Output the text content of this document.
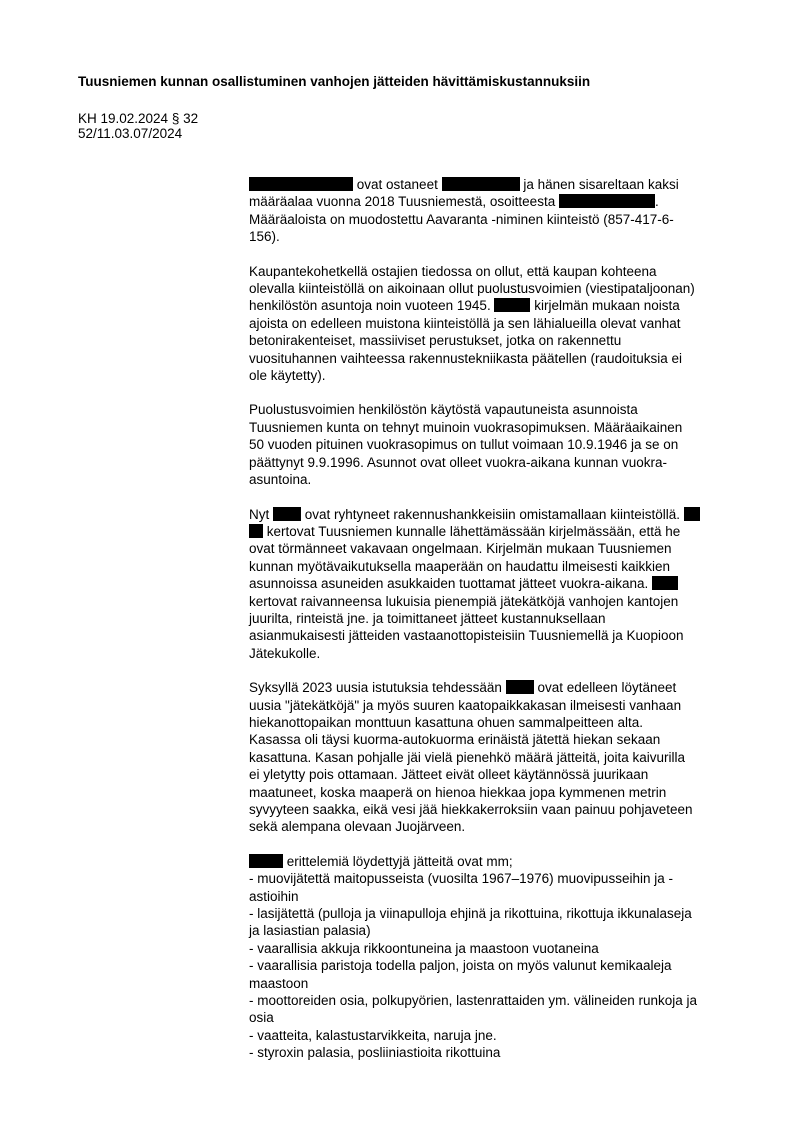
Tuusniemen kunnan osallistuminen vanhojen jätteiden hävittämiskustannuksiin
KH 19.02.2024 § 32
52/11.03.07/2024

ovat ostaneet	ja hänen sisareltaan kaksi
määräalaa vuonna 2018 Tuusniemestä, osoitteesta	.
Määräaloista on muodostettu Aavaranta -niminen kiinteistö (857-417-6-
156).

Kaupantekohetkellä ostajien tiedossa on ollut, että kaupan kohteena
olevalla kiinteistöllä on aikoinaan ollut puolustusvoimien (viestipataljoonan)
henkilöstön asuntoja noin vuoteen 1945.	kirjelmän mukaan noista
ajoista on edelleen muistona kiinteistöllä ja sen lähialueilla olevat vanhat
betonirakenteiset, massiiviset perustukset, jotka on rakennettu
vuosituhannen vaihteessa rakennustekniikasta päätellen (raudoituksia ei
ole käytetty).

Puolustusvoimien henkilöstön käytöstä vapautuneista asunnoista
Tuusniemen kunta on tehnyt muinoin vuokrasopimuksen. Määräaikainen
50 vuoden pituinen vuokrasopimus on tullut voimaan 10.9.1946 ja se on
päättynyt 9.9.1996. Asunnot ovat olleet vuokra-aikana kunnan vuokra-
asuntoina.

Nyt	ovat ryhtyneet rakennushankkeisiin omistamallaan kiinteistöllä.
kertovat Tuusniemen kunnalle lähettämässään kirjelmässään, että he
ovat törmänneet vakavaan ongelmaan. Kirjelmän mukaan Tuusniemen
kunnan myötävaikutuksella maaperään on haudattu ilmeisesti kaikkien
asunnoissa asuneiden asukkaiden tuottamat jätteet vuokra-aikana.
kertovat raivanneensa lukuisia pienempiä jätekätköjä vanhojen kantojen
juurilta, rinteistä jne. ja toimittaneet jätteet kustannuksellaan
asianmukaisesti jätteiden vastaanottopisteisiin Tuusniemellä ja Kuopioon
Jätekukolle.

Syksyllä 2023 uusia istutuksia tehdessään	ovat edelleen löytäneet
uusia "jätekätköjä" ja myös suuren kaatopaikkakasan ilmeisesti vanhaan
hiekanottopaikan monttuun kasattuna ohuen sammalpeitteen alta.
Kasassa oli täysi kuorma-autokuorma erinäistä jätettä hiekan sekaan
kasattuna. Kasan pohjalle jäi vielä pienehkö määrä jätteitä, joita kaivurilla
ei yletytty pois ottamaan. Jätteet eivät olleet käytännössä juurikaan
maatuneet, koska maaperä on hienoa hiekkaa jopa kymmenen metrin
syvyyteen saakka, eikä vesi jää hiekkakerroksiin vaan painuu pohjaveteen
sekä alempana olevaan Juojärveen.

erittelemiä löydettyjä jätteitä ovat mm;
- muovijätettä maitopusseista (vuosilta 1967–1976) muovipusseihin ja -
astioihin
- lasijätettä (pulloja ja viinapulloja ehjinä ja rikottuina, rikottuja ikkunalaseja
ja lasiastian palasia)
- vaarallisia akkuja rikkoontuneina ja maastoon vuotaneina
- vaarallisia paristoja todella paljon, joista on myös valunut kemikaaleja
maastoon
- moottoreiden osia, polkupyörien, lastenrattaiden ym. välineiden runkoja ja
osia
- vaatteita, kalastustarvikkeita, naruja jne.
- styroxin palasia, posliiniastioita rikottuina
